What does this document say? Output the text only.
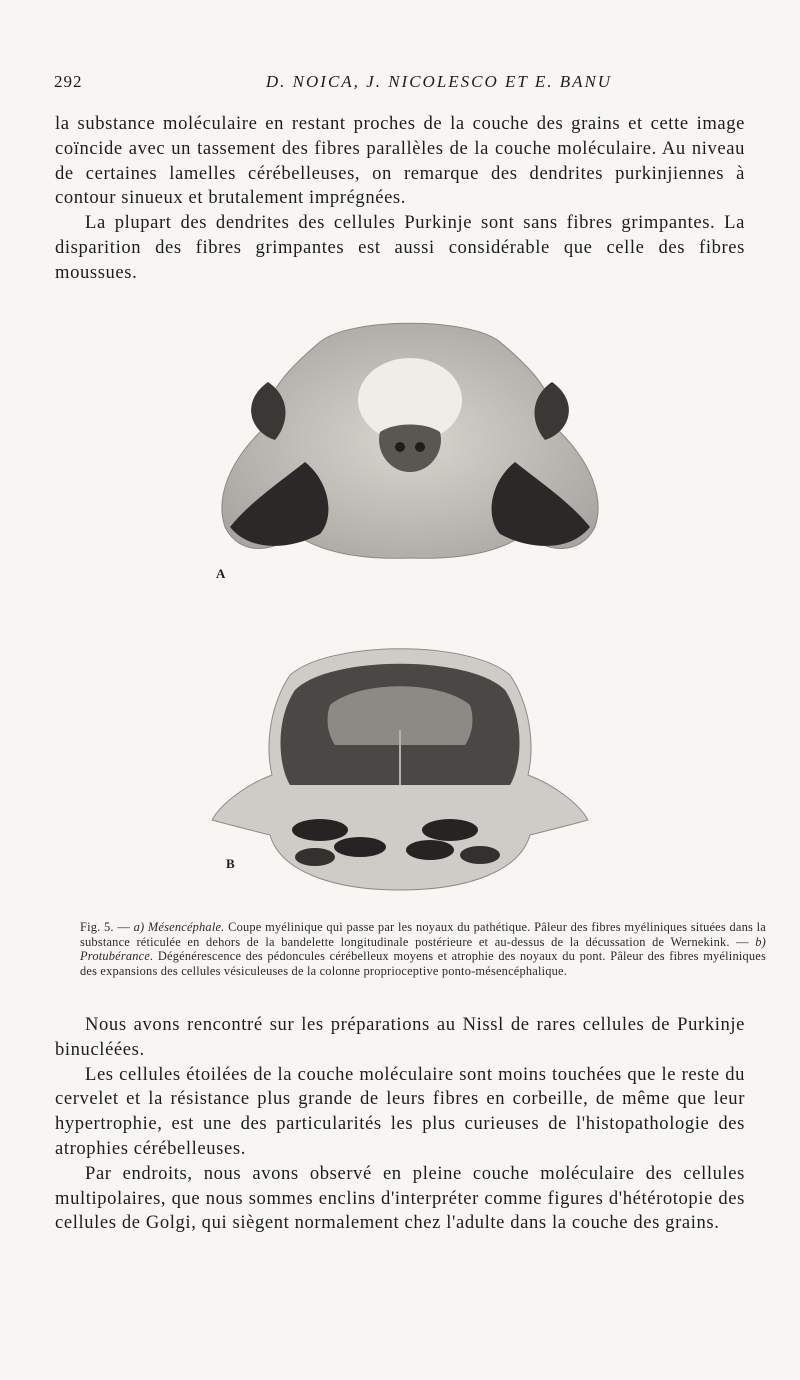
292	D. NOICA, J. NICOLESCO ET E. BANU

la substance moléculaire en restant proches de la couche des grains et cette image coïncide avec un tassement des fibres parallèles de la couche moléculaire. Au niveau de certaines lamelles cérébelleuses, on remarque des dendrites purkinjiennes à contour sinueux et brutalement imprégnées.

La plupart des dendrites des cellules Purkinje sont sans fibres grimpantes. La disparition des fibres grimpantes est aussi considérable que celle des fibres moussues.

A
B
Fig. 5. — a) Mésencéphale. Coupe myélinique qui passe par les noyaux du pathétique. Pâleur des fibres myéliniques situées dans la substance réticulée en dehors de la bandelette longitudinale postérieure et au-dessus de la décussation de Wernekink. — b) Protubérance. Dégénérescence des pédoncules cérébelleux moyens et atrophie des noyaux du pont. Pâleur des fibres myéliniques des expansions des cellules vésiculeuses de la colonne proprioceptive ponto-mésencéphalique.

Nous avons rencontré sur les préparations au Nissl de rares cellules de Purkinje binucléées.

Les cellules étoilées de la couche moléculaire sont moins touchées que le reste du cervelet et la résistance plus grande de leurs fibres en corbeille, de même que leur hypertrophie, est une des particularités les plus curieuses de l'histopathologie des atrophies cérébelleuses.

Par endroits, nous avons observé en pleine couche moléculaire des cellules multipolaires, que nous sommes enclins d'interpréter comme figures d'hétérotopie des cellules de Golgi, qui siègent normalement chez l'adulte dans la couche des grains.
